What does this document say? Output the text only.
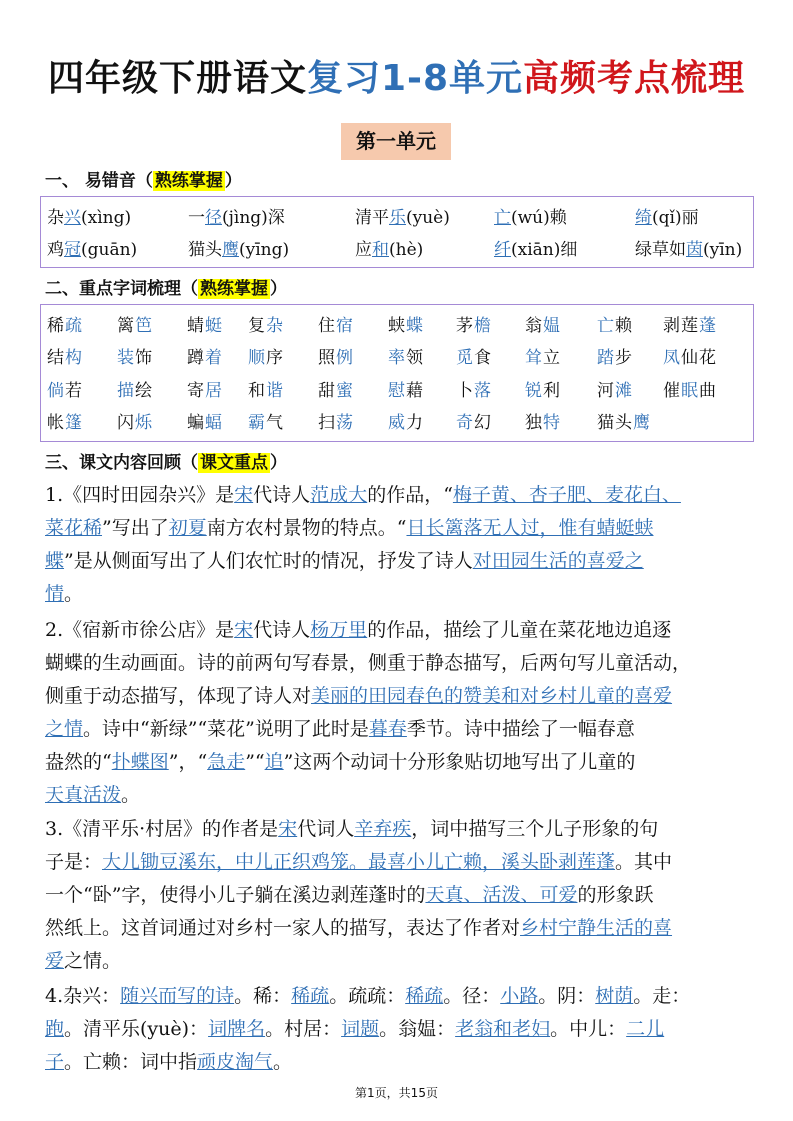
四年级下册语文复习1-8单元高频考点梳理
第一单元
一、 易错音（ 熟练掌握 ）
杂兴(xìng)	一径(jìng)深	清平乐(yuè)	亡(wú)赖	绮(qǐ)丽
鸡冠(guān)	猫头鹰(yīng)	应和(hè)	纤(xiān)细	绿草如茵(yīn)
二、重点字词梳理（ 熟练掌握 ）
稀疏 篱笆 蜻蜓 复杂 住宿 蛱蝶 茅檐 翁媪 亡赖 剥莲蓬
结构 装饰 蹲着 顺序 照例 率领 觅食 耸立 踏步 凤仙花
倘若 描绘 寄居 和谐 甜蜜 慰藉 卜落 锐利 河滩 催眠曲
帐篷 闪烁 蝙蝠 霸气 扫荡 威力 奇幻 独特 猫头鹰
三、课文内容回顾（ 课文重点 ）
1.《四时田园杂兴》是宋代诗人范成大的作品，“梅子黄、杏子肥、麦花白、
菜花稀”写出了初夏南方农村景物的特点。“日长篱落无人过，惟有蜻蜓蛱
蝶”是从侧面写出了人们农忙时的情况，抒发了诗人对田园生活的喜爱之
情。
2.《宿新市徐公店》是宋代诗人杨万里的作品，描绘了儿童在菜花地边追逐
蝴蝶的生动画面。诗的前两句写春景，侧重于静态描写，后两句写儿童活动，
侧重于动态描写，体现了诗人对美丽的田园春色的赞美和对乡村儿童的喜爱
之情。诗中“新绿”“菜花”说明了此时是暮春季节。诗中描绘了一幅春意
盎然的“扑蝶图”，“急走”“追”这两个动词十分形象贴切地写出了儿童的
天真活泼。
3.《清平乐·村居》的作者是宋代词人辛弃疾，词中描写三个儿子形象的句
子是：大儿锄豆溪东，中儿正织鸡笼。最喜小儿亡赖，溪头卧剥莲蓬。其中
一个“卧”字，使得小儿子躺在溪边剥莲蓬时的天真、活泼、可爱的形象跃
然纸上。这首词通过对乡村一家人的描写，表达了作者对乡村宁静生活的喜
爱之情。
4.杂兴：随兴而写的诗。稀：稀疏。疏疏：稀疏。径：小路。阴：树荫。走：
跑。清平乐(yuè)：词牌名。村居：词题。翁媪：老翁和老妇。中儿：二儿
子。亡赖：词中指顽皮淘气。
第1页，共15页
